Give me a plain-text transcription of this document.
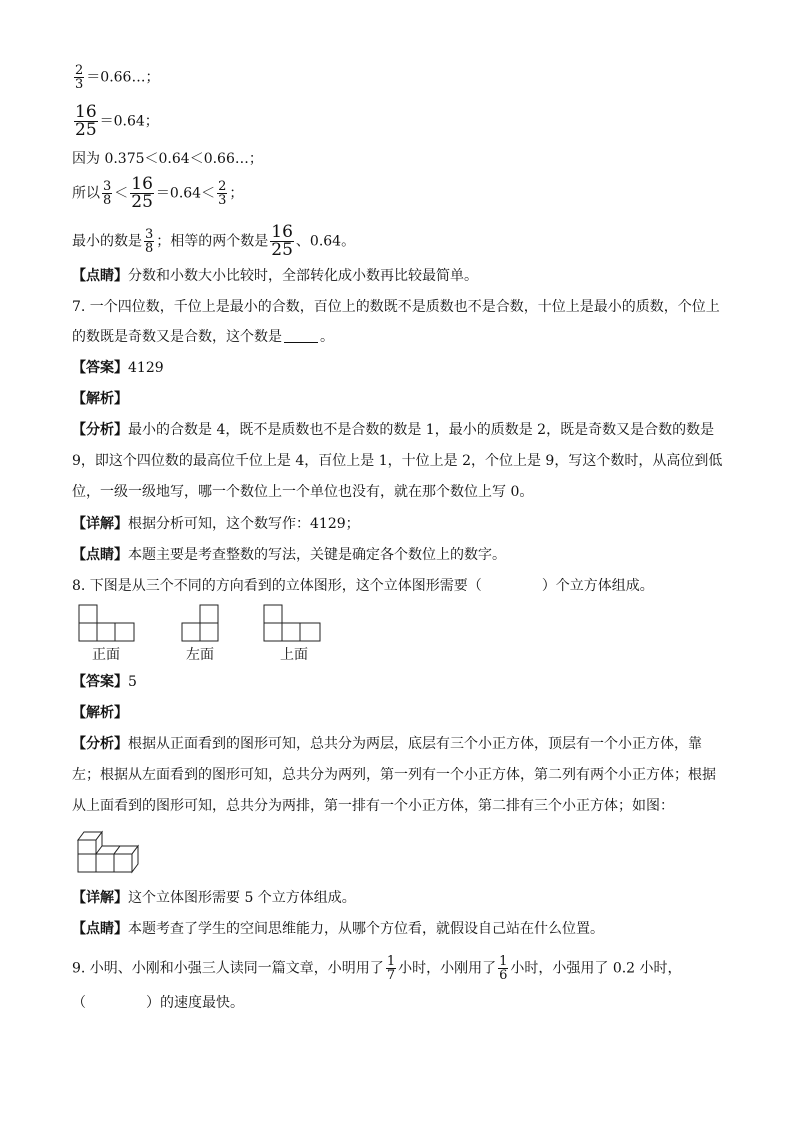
$\frac{2}{3}$ ＝0.66…；
$\frac{16}{25} =0.64$；
因为 0.375＜0.64＜0.66…；
所以 $\frac{3}{8} < \frac{16}{25} =0.64< \frac{2}{3}$ ；
最小的数是 $\frac{3}{8}$ ；相等的两个数是 $\frac{16}{25}$ 、0.64。
【点睛】分数和小数大小比较时，全部转化成小数再比较最简单。
7. 一个四位数，千位上是最小的合数，百位上的数既不是质数也不是合数，十位上是最小的质数，个位上
的数既是奇数又是合数，这个数是	。
【答案】4129
【解析】
【分析】最小的合数是 4，既不是质数也不是合数的数是 1，最小的质数是 2，既是奇数又是合数的数是
9，即这个四位数的最高位千位上是 4，百位上是 1，十位上是 2，个位上是 9，写这个数时，从高位到低
位，一级一级地写，哪一个数位上一个单位也没有，就在那个数位上写 0。
【详解】根据分析可知，这个数写作：4129；
【点睛】本题主要是考查整数的写法，关键是确定各个数位上的数字。
8. 下图是从三个不同的方向看到的立体图形，这个立体图形需要（	）个立方体组成。
正面	左面	上面
【答案】5
【解析】
【分析】根据从正面看到的图形可知，总共分为两层，底层有三个小正方体，顶层有一个小正方体，靠
左；根据从左面看到的图形可知，总共分为两列，第一列有一个小正方体，第二列有两个小正方体；根据
从上面看到的图形可知，总共分为两排，第一排有一个小正方体，第二排有三个小正方体；如图：
【详解】这个立体图形需要 5 个立方体组成。
【点睛】本题考查了学生的空间思维能力，从哪个方位看，就假设自己站在什么位置。
9. 小明、小刚和小强三人读同一篇文章，小明用了 $\frac{1}{7}$ 小时，小刚用了 $\frac{1}{6}$ 小时，小强用了 0.2 小时，
（	）的速度最快。
